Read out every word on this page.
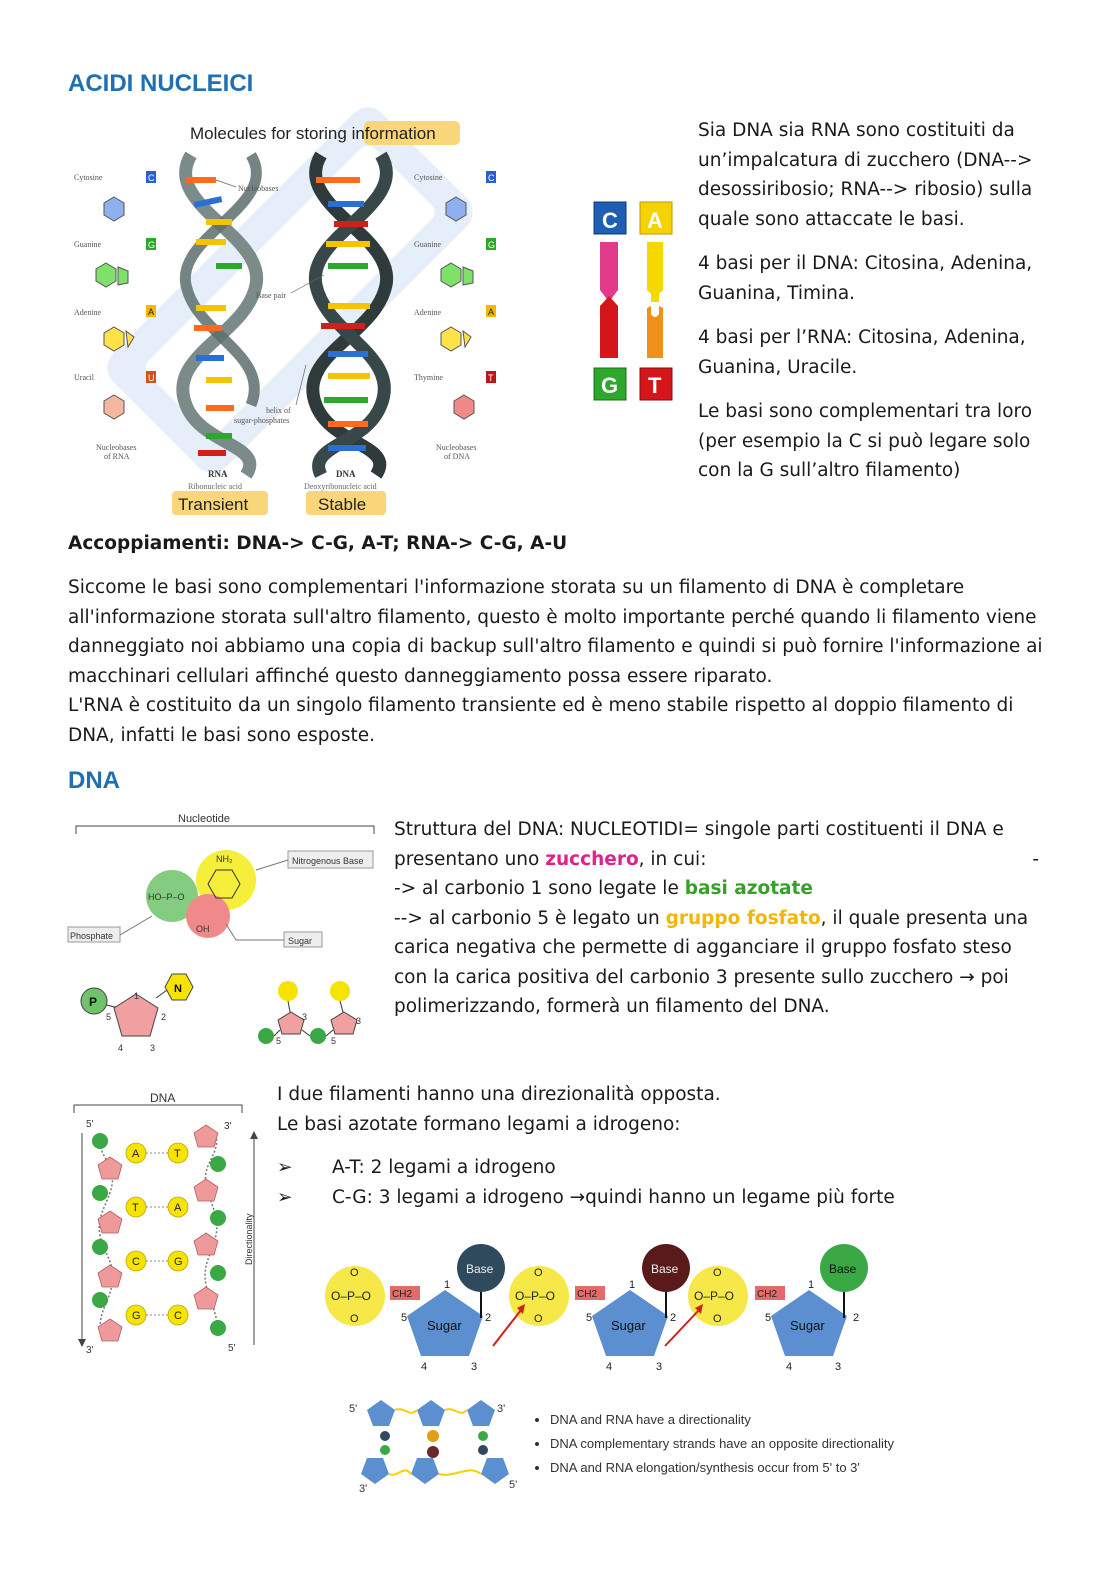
ACIDI NUCLEICI
Molecules for storing information
Cytosine	C
Guanine	G
Adenine	A
Uracil	U
Nucleobases
of RNA
Nucleobases
Base pair
helix of
sugar-phosphates
Cytosine	C
Guanine	G
Adenine	A
Thymine	T
Nucleobases
of DNA
RNA
Ribonucleic acid
DNA
Deoxyribonucleic acid
Transient	Stable
C A
G T

Sia DNA sia RNA sono costituiti da un’impalcatura di zucchero (DNA--> desossiribosio; RNA--> ribosio) sulla quale sono attaccate le basi.

4 basi per il DNA: Citosina, Adenina, Guanina, Timina.

4 basi per l’RNA: Citosina, Adenina, Guanina, Uracile.

Le basi sono complementari tra loro (per esempio la C si può legare solo con la G sull’altro filamento)

Accoppiamenti: DNA-> C-G, A-T; RNA-> C-G, A-U

Siccome le basi sono complementari l'informazione storata su un filamento di DNA è completare all'informazione storata sull'altro filamento, questo è molto importante perché quando li filamento viene danneggiato noi abbiamo una copia di backup sull'altro filamento e quindi si può fornire l'informazione ai macchinari cellulari affinché questo danneggiamento possa essere riparato.

L'RNA è costituito da un singolo filamento transiente ed è meno stabile rispetto al doppio filamento di DNA, infatti le basi sono esposte.

DNA
Nucleotide
HO–P–O
NH₂
OH
Nitrogenous Base
Phosphate	Sugar
P
N
1
2
3
4
5	3	3
5	5

Struttura del DNA: NUCLEOTIDI= singole parti costituenti il DNA e

presentano uno zucchero, in cui:	-

-> al carbonio 1 sono legate le basi azotate

--> al carbonio 5 è legato un gruppo fosfato, il quale presenta una carica negativa che permette di agganciare il gruppo fosfato steso con la carica positiva del carbonio 3 presente sullo zucchero → poi polimerizzando, formerà un filamento del DNA.

DNA
5'	3'
3'	5'
Directionality
A
T
C
G
T
A
G
C

I due filamenti hanno una direzionalità opposta.

Le basi azotate formano legami a idrogeno:

➢ A-T: 2 legami a idrogeno
➢ C-G: 3 legami a idrogeno →quindi hanno un legame più forte
O–P–O
O
O
CH2
Sugar
Base
1
2
3
4
5
O–P–O
O
O
CH2
Sugar
Base
1
2
3
4
5
O–P–O
O
O
CH2
Sugar
Base
1
2
3
4
5
5'	3'
3'	5'
• DNA and RNA have a directionality
• DNA complementary strands have an opposite directionality
• DNA and RNA elongation/synthesis occur from 5' to 3'
